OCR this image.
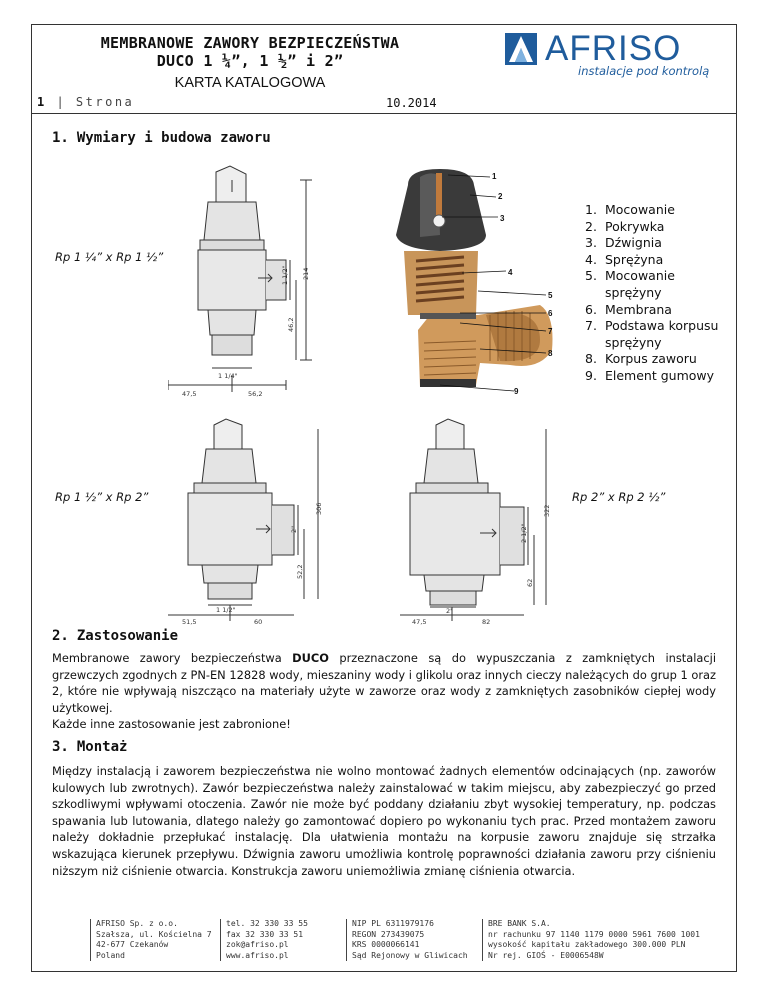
MEMBRANOWE ZAWORY BEZPIECZEŃSTWA
DUCO 1 ¼”, 1 ½” i 2”
KARTA KATALOGOWA
1 | Strona	10.2014
AFRISO
instalacje pod kontrolą
1. Wymiary i budowa zaworu
Rp 1 ¼” x Rp 1 ½”
Rp 1 ½” x Rp 2”	Rp 2” x Rp 2 ½”
47,5	56,2
1 1/4"
214
1 1/2"
46,2
1
2
3
4
5
6
7
8
9
1. Mocowanie
2. Pokrywka
3. Dźwignia
4. Sprężyna
5. Mocowanie sprężyny
6. Membrana
7. Podstawa korpusu sprężyny
8. Korpus zaworu
9. Element gumowy
51,5	60
1 1/2"
306
2"
52,2
47,5	82
2"
322
2 1/2"
62
2. Zastosowanie

Membranowe zawory bezpieczeństwa DUCO przeznaczone są do wypuszczania z zamkniętych instalacji grzewczych zgodnych z PN-EN 12828 wody, mieszaniny wody i glikolu oraz innych cieczy należących do grup 1 oraz 2, które nie wpływają niszcząco na materiały użyte w zaworze oraz wody z zamkniętych zasobników ciepłej wody użytkowej.

Każde inne zastosowanie jest zabronione!

3. Montaż

Między instalacją i zaworem bezpieczeństwa nie wolno montować żadnych elementów odcinających (np. zaworów kulowych lub zwrotnych). Zawór bezpieczeństwa należy zainstalować w takim miejscu, aby zabezpieczyć go przed szkodliwymi wpływami otoczenia. Zawór nie może być poddany działaniu zbyt wysokiej temperatury, np. podczas spawania lub lutowania, dlatego należy go zamontować dopiero po wykonaniu tych prac. Przed montażem zaworu należy dokładnie przepłukać instalację. Dla ułatwienia montażu na korpusie zaworu znajduje się strzałka wskazująca kierunek przepływu. Dźwignia zaworu umożliwia kontrolę poprawności działania zaworu przy ciśnieniu niższym niż ciśnienie otwarcia. Konstrukcja zaworu uniemożliwia zmianę ciśnienia otwarcia.

AFRISO Sp. z o.o.
Szałsza, ul. Kościelna 7
42-677 Czekanów
Poland
tel. 32 330 33 55
fax 32 330 33 51
zok@afriso.pl
www.afriso.pl
NIP PL 6311979176
REGON 273439075
KRS 0000066141
Sąd Rejonowy w Gliwicach
BRE BANK S.A.
nr rachunku 97 1140 1179 0000 5961 7600 1001
wysokość kapitału zakładowego 300.000 PLN
Nr rej. GIOŚ - E0006548W
